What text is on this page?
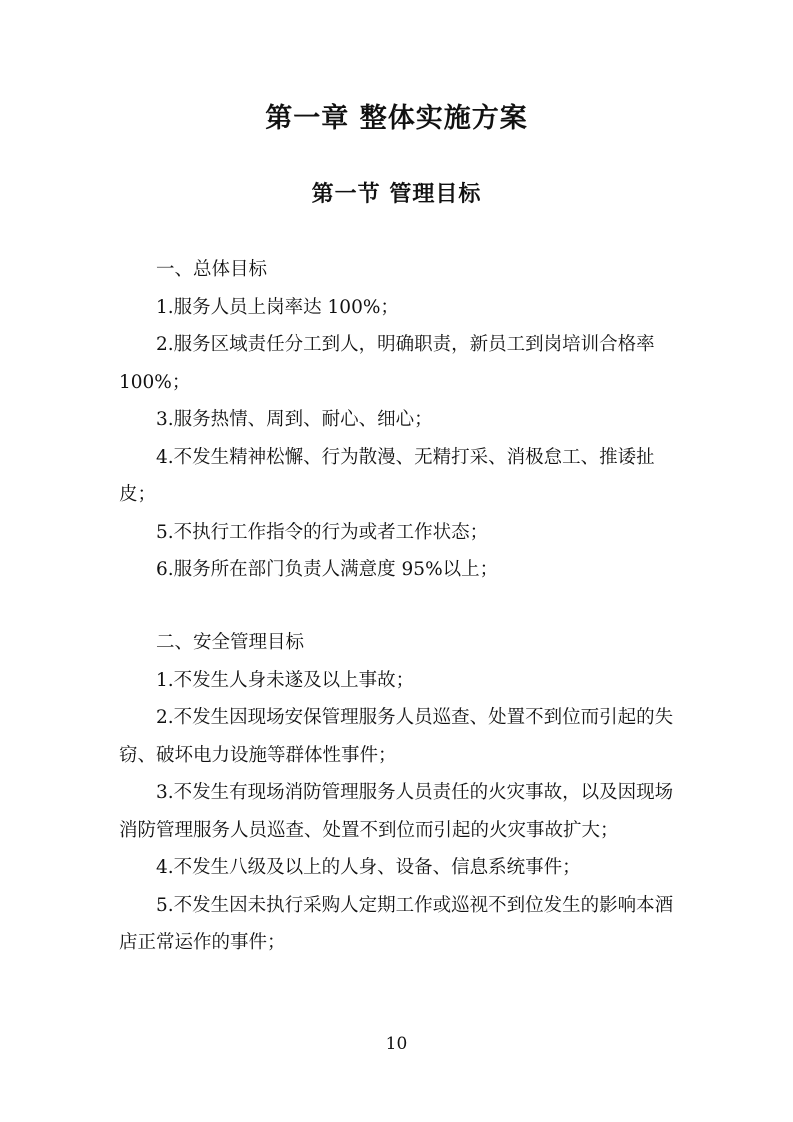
第一章 整体实施方案
第一节 管理目标

一、总体目标

1.服务人员上岗率达 100%；

2.服务区域责任分工到人，明确职责，新员工到岗培训合格率 100%；

3.服务热情、周到、耐心、细心；

4.不发生精神松懈、行为散漫、无精打采、消极怠工、推诿扯皮；

5.不执行工作指令的行为或者工作状态；

6.服务所在部门负责人满意度 95%以上；

二、安全管理目标

1.不发生人身未遂及以上事故；

2.不发生因现场安保管理服务人员巡查、处置不到位而引起的失窃、破坏电力设施等群体性事件；

3.不发生有现场消防管理服务人员责任的火灾事故，以及因现场消防管理服务人员巡查、处置不到位而引起的火灾事故扩大；

4.不发生八级及以上的人身、设备、信息系统事件；

5.不发生因未执行采购人定期工作或巡视不到位发生的影响本酒店正常运作的事件；

10
